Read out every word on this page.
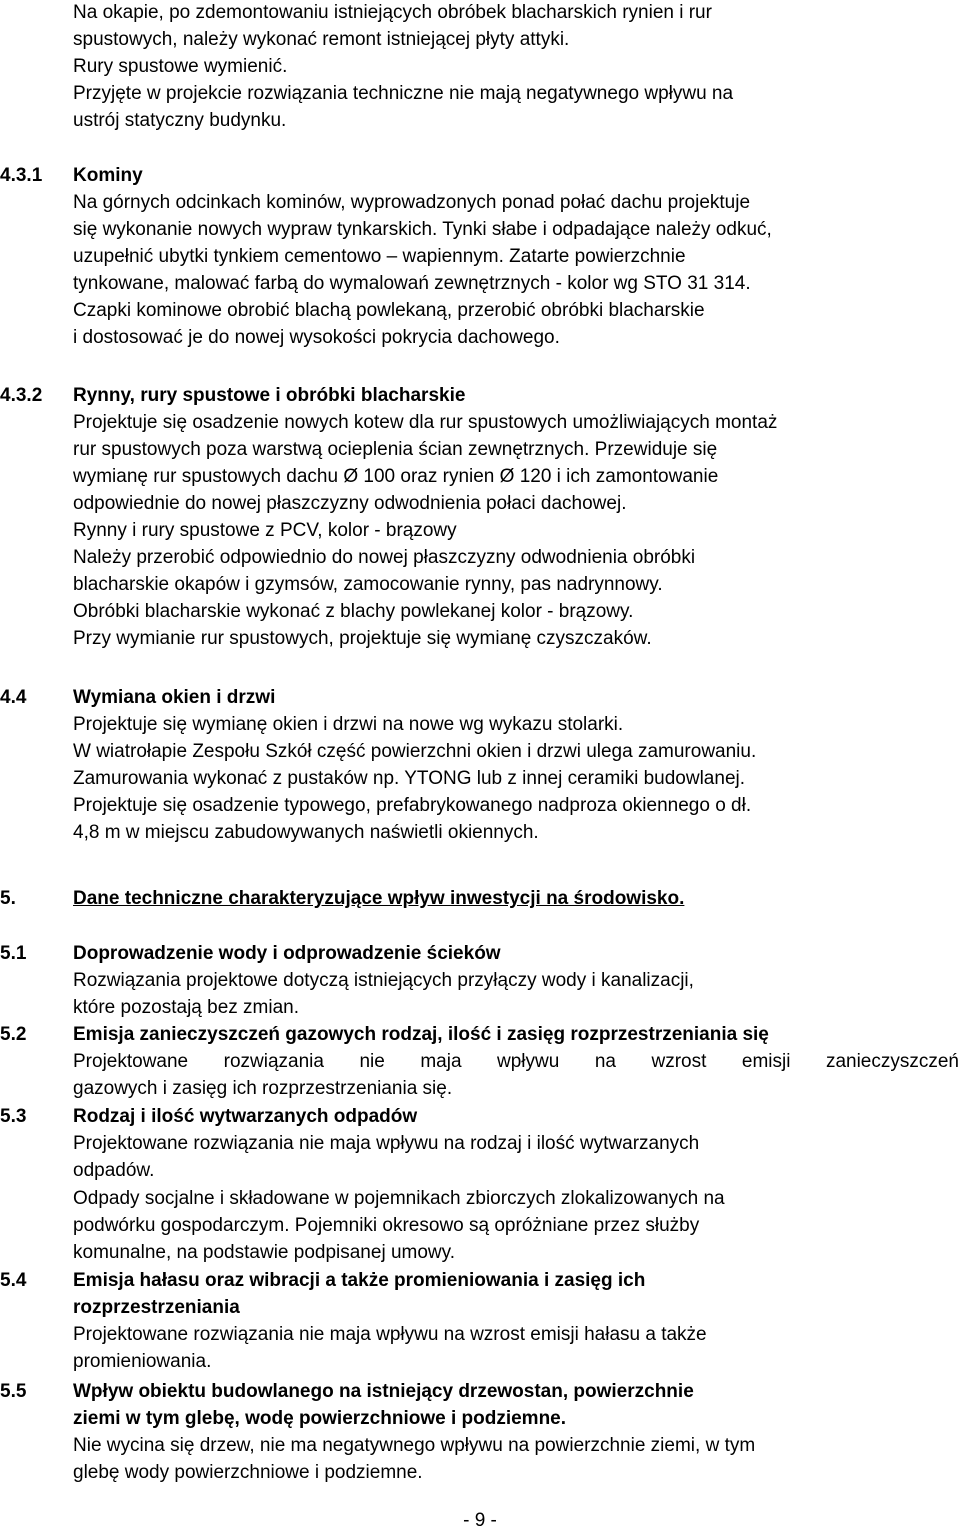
Na okapie, po zdemontowaniu istniejących obróbek blacharskich rynien i rur
spustowych, należy wykonać remont istniejącej płyty attyki.
Rury spustowe wymienić.
Przyjęte w projekcie rozwiązania techniczne nie mają negatywnego wpływu na
ustrój statyczny budynku.
4.3.1 Kominy
Na górnych odcinkach kominów, wyprowadzonych ponad połać dachu projektuje
się wykonanie nowych wypraw tynkarskich. Tynki słabe i odpadające należy odkuć,
uzupełnić ubytki tynkiem cementowo – wapiennym. Zatarte powierzchnie
tynkowane, malować farbą do wymalowań zewnętrznych - kolor wg STO 31 314.
Czapki kominowe obrobić blachą powlekaną, przerobić obróbki blacharskie
i dostosować je do nowej wysokości pokrycia dachowego.
4.3.2 Rynny, rury spustowe i obróbki blacharskie
Projektuje się osadzenie nowych kotew dla rur spustowych umożliwiających montaż
rur spustowych poza warstwą ocieplenia ścian zewnętrznych. Przewiduje się
wymianę rur spustowych dachu Ø 100 oraz rynien Ø 120 i ich zamontowanie
odpowiednie do nowej płaszczyzny odwodnienia połaci dachowej.
Rynny i rury spustowe z PCV, kolor - brązowy
Należy przerobić odpowiednio do nowej płaszczyzny odwodnienia obróbki
blacharskie okapów i gzymsów, zamocowanie rynny, pas nadrynnowy.
Obróbki blacharskie wykonać z blachy powlekanej kolor - brązowy.
Przy wymianie rur spustowych, projektuje się wymianę czyszczaków.
4.4 Wymiana okien i drzwi
Projektuje się wymianę okien i drzwi na nowe wg wykazu stolarki.
W wiatrołapie Zespołu Szkół część powierzchni okien i drzwi ulega zamurowaniu.
Zamurowania wykonać z pustaków np. YTONG lub z innej ceramiki budowlanej.
Projektuje się osadzenie typowego, prefabrykowanego nadproza okiennego o dł.
4,8 m w miejscu zabudowywanych naświetli okiennych.
5.	Dane techniczne charakteryzujące wpływ inwestycji na środowisko.
5.1 Doprowadzenie wody i odprowadzenie ścieków
Rozwiązania projektowe dotyczą istniejących przyłączy wody i kanalizacji,
które pozostają bez zmian.
5.2 Emisja zanieczyszczeń gazowych rodzaj, ilość i zasięg rozprzestrzeniania się
Projektowane rozwiązania nie maja wpływu na wzrost emisji zanieczyszczeń
gazowych i zasięg ich rozprzestrzeniania się.
5.3 Rodzaj i ilość wytwarzanych odpadów
Projektowane rozwiązania nie maja wpływu na rodzaj i ilość wytwarzanych
odpadów.
Odpady socjalne i składowane w pojemnikach zbiorczych zlokalizowanych na
podwórku gospodarczym. Pojemniki okresowo są opróżniane przez służby
komunalne, na podstawie podpisanej umowy.
5.4 Emisja hałasu oraz wibracji a także promieniowania i zasięg ich
rozprzestrzeniania
Projektowane rozwiązania nie maja wpływu na wzrost emisji hałasu a także
promieniowania.
5.5 Wpływ obiektu budowlanego na istniejący drzewostan, powierzchnie
ziemi w tym glebę, wodę powierzchniowe i podziemne.
Nie wycina się drzew, nie ma negatywnego wpływu na powierzchnie ziemi, w tym
glebę wody powierzchniowe i podziemne.
- 9 -
